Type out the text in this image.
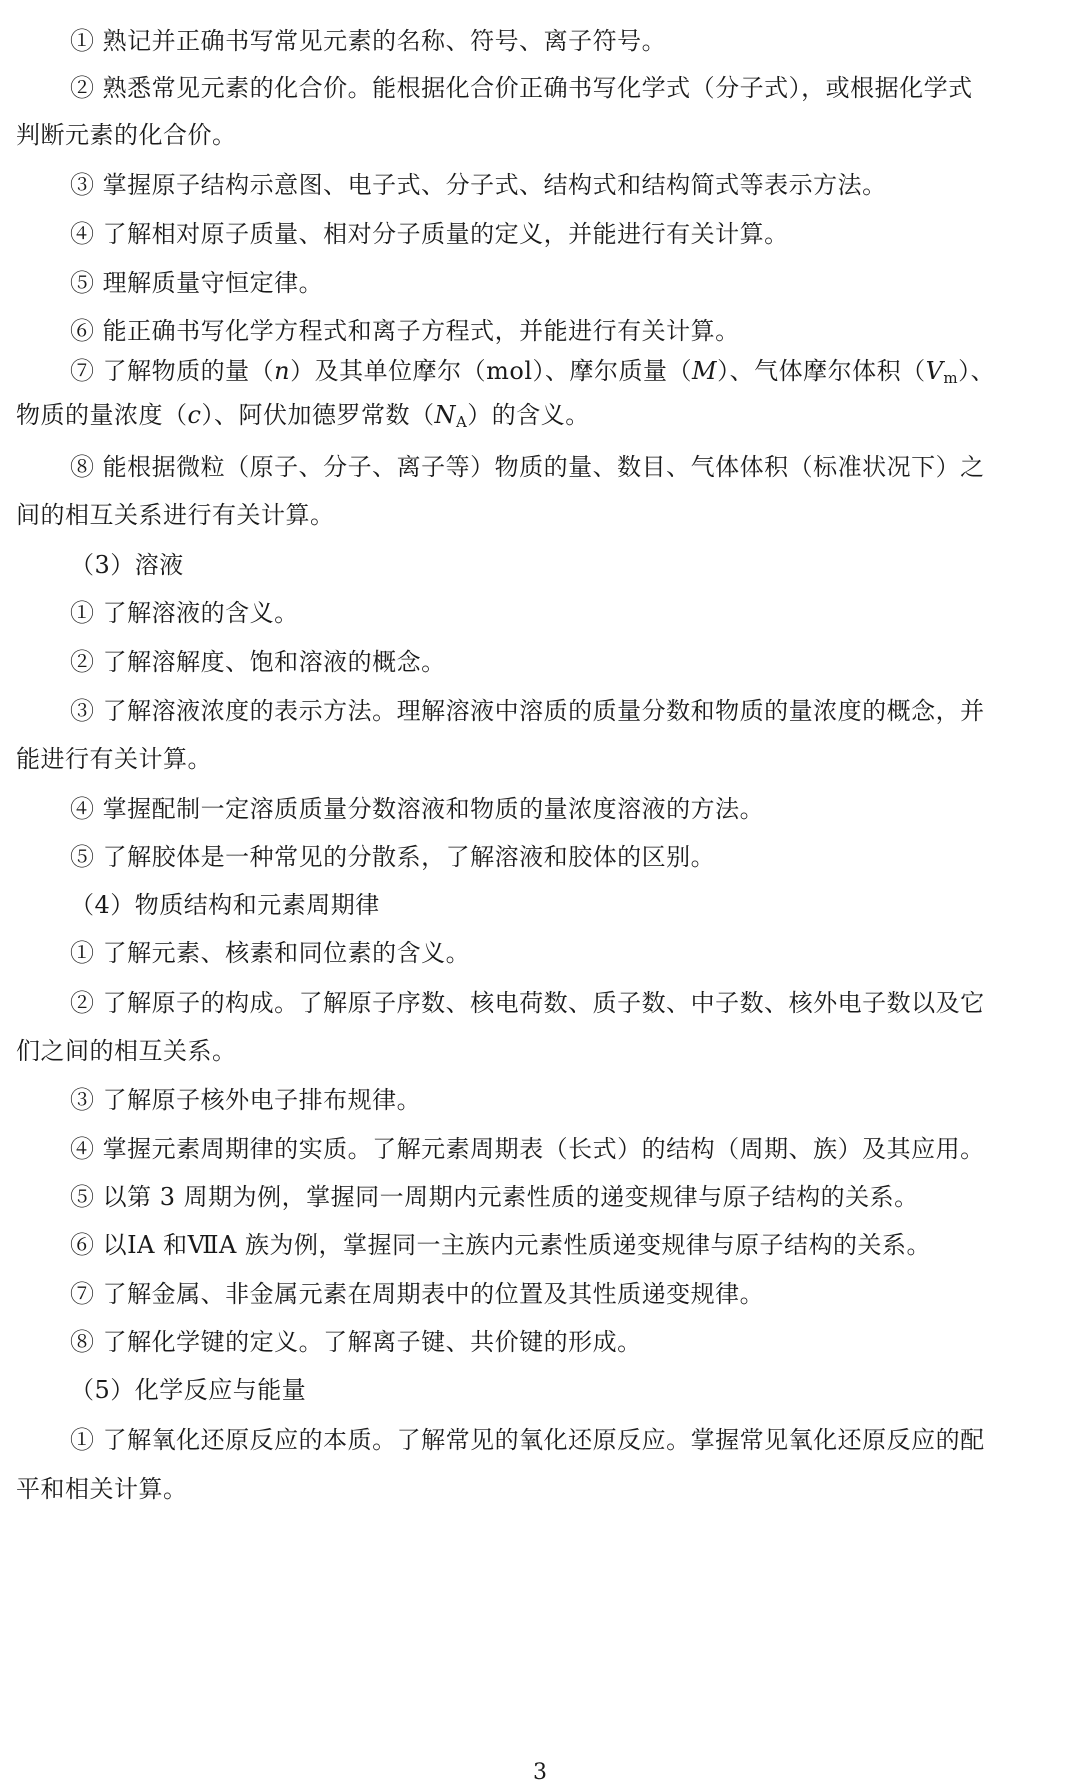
① 熟记并正确书写常见元素的名称、符号、离子符号。
② 熟悉常见元素的化合价。能根据化合价正确书写化学式（分子式），或根据化学式
判断元素的化合价。
③ 掌握原子结构示意图、电子式、分子式、结构式和结构简式等表示方法。
④ 了解相对原子质量、相对分子质量的定义，并能进行有关计算。
⑤ 理解质量守恒定律。
⑥ 能正确书写化学方程式和离子方程式，并能进行有关计算。
⑦ 了解物质的量（n）及其单位摩尔（mol）、摩尔质量（M）、气体摩尔体积$(V_m)$、
物质的量浓度（c）、阿伏加德罗常数$(N_A)$的含义。
⑧ 能根据微粒（原子、分子、离子等）物质的量、数目、气体体积（标准状况下）之
间的相互关系进行有关计算。
（3）溶液
① 了解溶液的含义。
② 了解溶解度、饱和溶液的概念。
③ 了解溶液浓度的表示方法。理解溶液中溶质的质量分数和物质的量浓度的概念，并
能进行有关计算。
④ 掌握配制一定溶质质量分数溶液和物质的量浓度溶液的方法。
⑤ 了解胶体是一种常见的分散系，了解溶液和胶体的区别。
（4）物质结构和元素周期律
① 了解元素、核素和同位素的含义。
② 了解原子的构成。了解原子序数、核电荷数、质子数、中子数、核外电子数以及它
们之间的相互关系。
③ 了解原子核外电子排布规律。
④ 掌握元素周期律的实质。了解元素周期表（长式）的结构（周期、族）及其应用。
⑤ 以第 3 周期为例，掌握同一周期内元素性质的递变规律与原子结构的关系。
⑥ 以ⅠA 和ⅦA 族为例，掌握同一主族内元素性质递变规律与原子结构的关系。
⑦ 了解金属、非金属元素在周期表中的位置及其性质递变规律。
⑧ 了解化学键的定义。了解离子键、共价键的形成。
（5）化学反应与能量
① 了解氧化还原反应的本质。了解常见的氧化还原反应。掌握常见氧化还原反应的配
平和相关计算。
3
